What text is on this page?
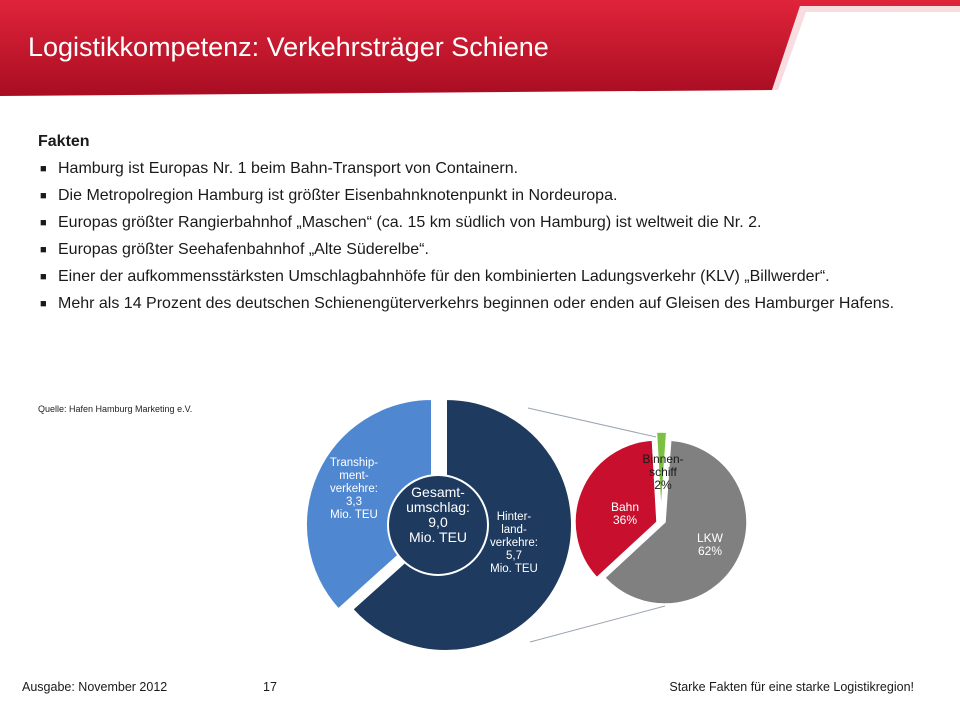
Logistikkompetenz: Verkehrsträger Schiene
Fakten
■ Hamburg ist Europas Nr. 1 beim Bahn-Transport von Containern.
■ Die Metropolregion Hamburg ist größter Eisenbahnknotenpunkt in Nordeuropa.
■ Europas größter Rangierbahnhof „Maschen“ (ca. 15 km südlich von Hamburg) ist weltweit die Nr. 2.
■ Europas größter Seehafenbahnhof „Alte Süderelbe“.
■ Einer der aufkommensstärksten Umschlagbahnhöfe für den kombinierten Ladungsverkehr (KLV) „Billwerder“.
■ Mehr als 14 Prozent des deutschen Schienengüterverkehrs beginnen oder enden auf Gleisen des Hamburger Hafens.
Quelle: Hafen Hamburg Marketing e.V.
Hinter-land-verkehre: 5,7 Mio. TEU
Tranship-ment-verkehre: 3,3 Mio. TEU
Gesamt-umschlag: 9,0 Mio. TEU	LKW 62%
Bahn 36%
Binnen-schiff 2%
Ausgabe: November 2012	17	Starke Fakten für eine starke Logistikregion!
